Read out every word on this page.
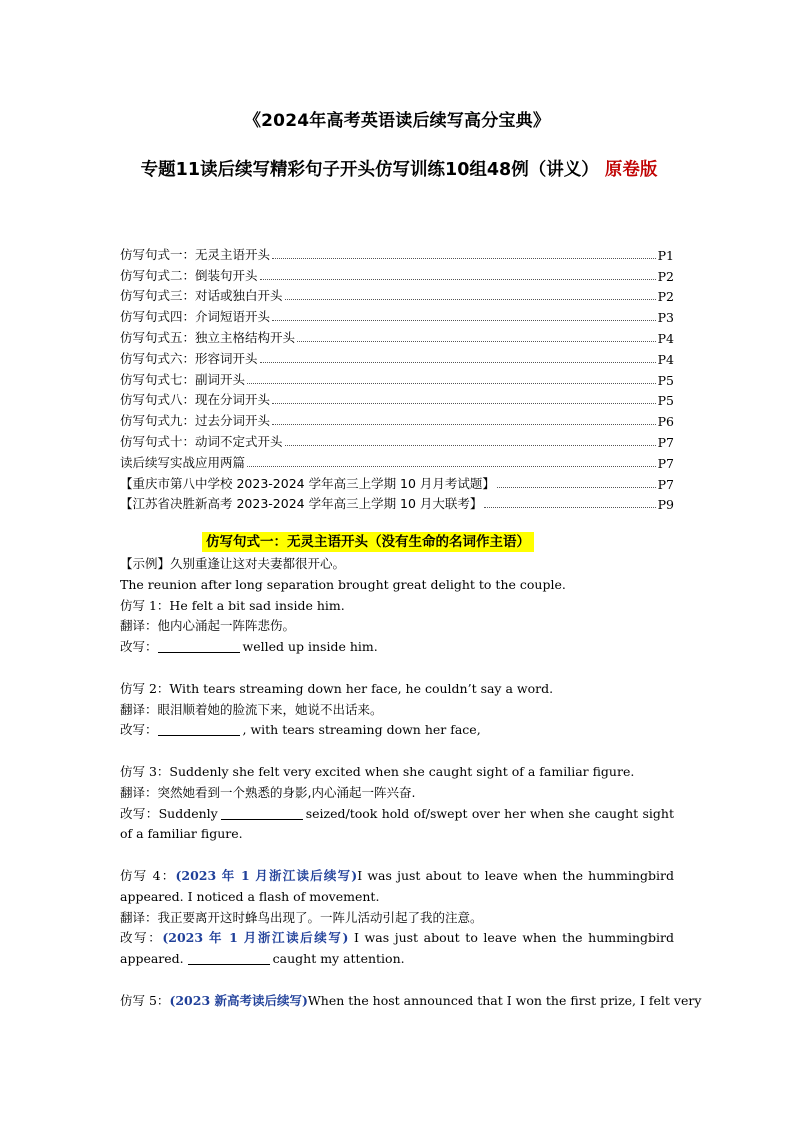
《2024年高考英语读后续写高分宝典》
专题11读后续写精彩句子开头仿写训练10组48例（讲义） 原卷版
仿写句式一：无灵主语开头	P1
仿写句式二：倒装句开头	P2
仿写句式三：对话或独白开头	P2
仿写句式四：介词短语开头	P3
仿写句式五：独立主格结构开头	P4
仿写句式六：形容词开头	P4
仿写句式七：副词开头	P5
仿写句式八：现在分词开头	P5
仿写句式九：过去分词开头	P6
仿写句式十：动词不定式开头	P7
读后续写实战应用两篇	P7
【重庆市第八中学校 2023-2024 学年高三上学期 10 月月考试题】	P7
【江苏省决胜新高考 2023-2024 学年高三上学期 10 月大联考】	P9
仿写句式一：无灵主语开头（没有生命的名词作主语）
【示例】久别重逢让这对夫妻都很开心。
The reunion after long separation brought great delight to the couple.
仿写 1：He felt a bit sad inside him.
翻译：他内心涌起一阵阵悲伤。
改写：	welled up inside him.
仿写 2：With tears streaming down her face, he couldn’t say a word.
翻译：眼泪顺着她的脸流下来，她说不出话来。
改写：	, with tears streaming down her face,
仿写 3：Suddenly she felt very excited when she caught sight of a familiar figure.
翻译：突然她看到一个熟悉的身影,内心涌起一阵兴奋.
改写：Suddenly	seized/took hold of/swept over her when she caught sight of a familiar figure.
仿写 4：(2023 年 1 月浙江读后续写)I was just about to leave when the hummingbird appeared. I noticed a flash of movement.
翻译：我正要离开这时蜂鸟出现了。一阵儿活动引起了我的注意。
改写：(2023 年 1 月浙江读后续写) I was just about to leave when the hummingbird appeared.	caught my attention.
仿写 5：(2023 新高考读后续写)When the host announced that I won the first prize, I felt very
